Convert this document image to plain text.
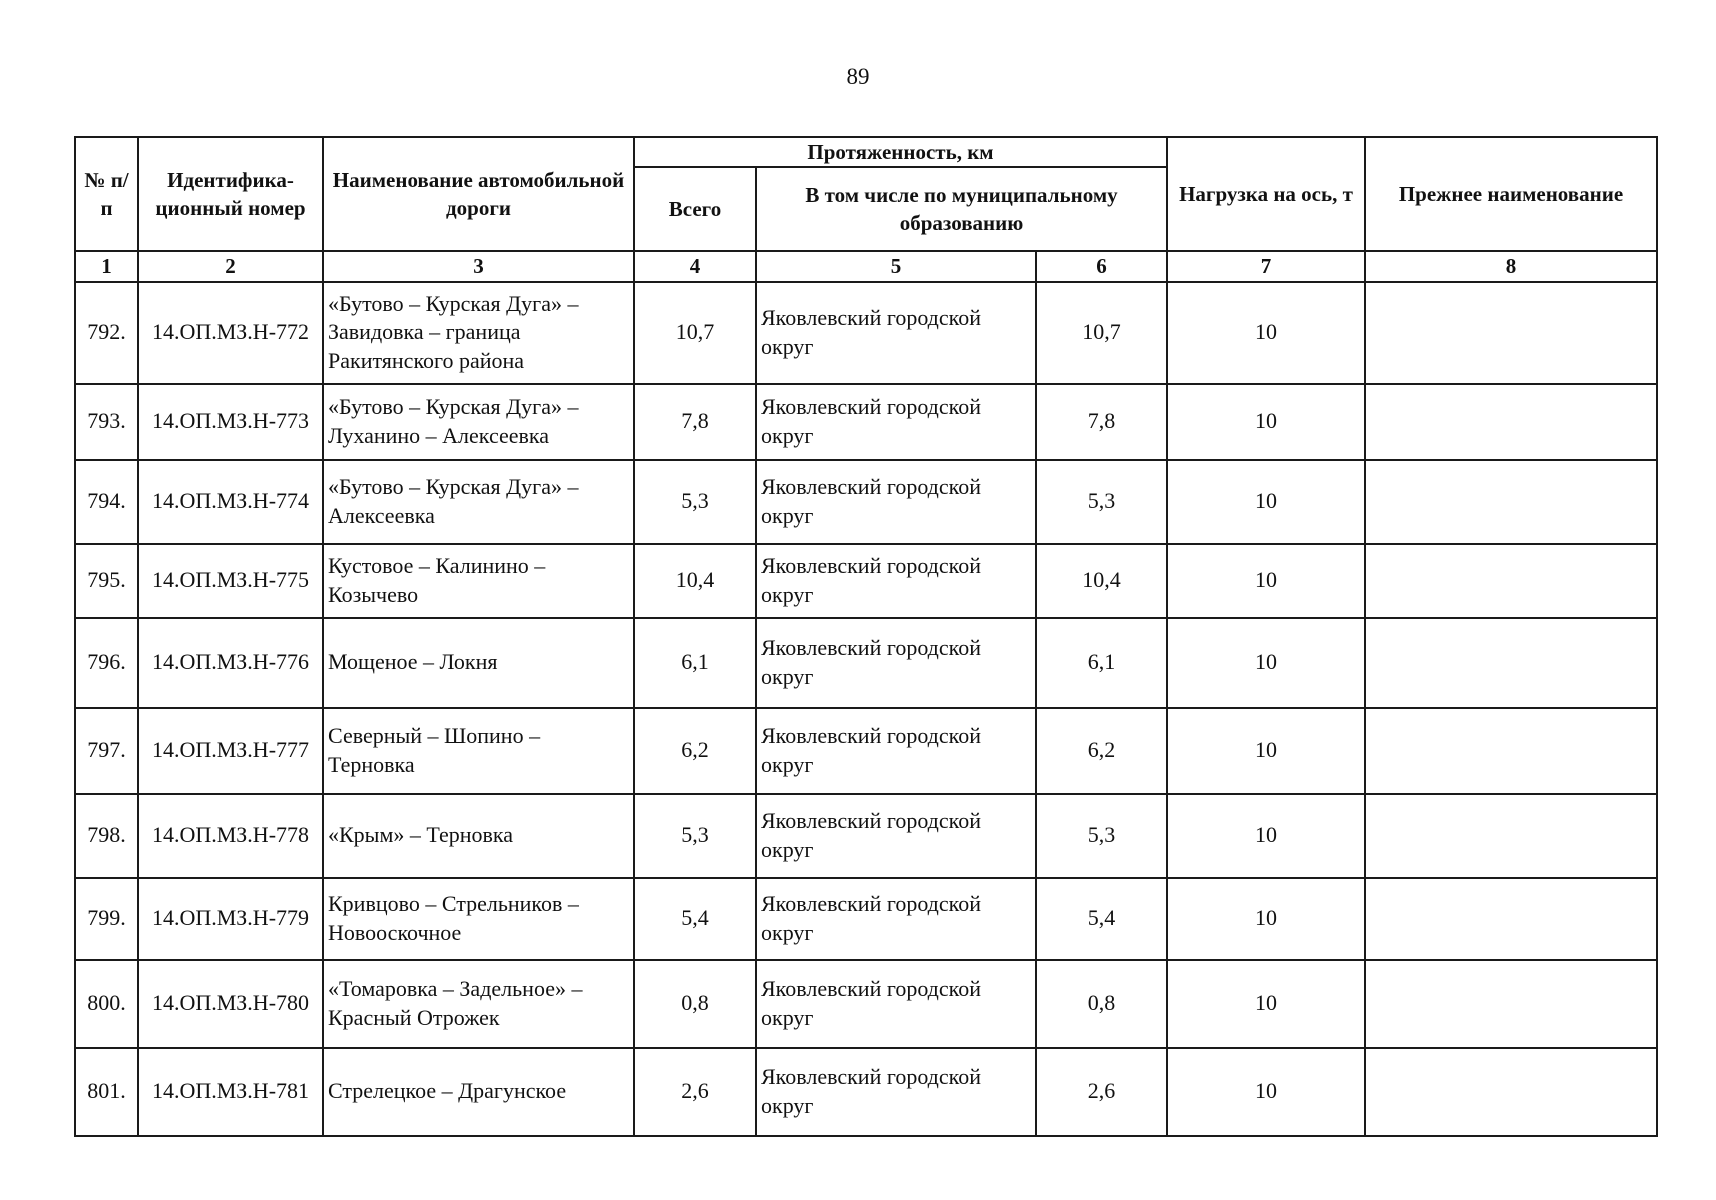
89
№ п/п	Идентифика-ционный номер	Наименование автомобильной дороги	Протяженность, км			Нагрузка на ось, т	Прежнее наименование
			Всего	В том числе по муниципальному образованию			
1	2	3	4	5	6	7	8
792.	14.ОП.МЗ.Н-772	«Бутово – Курская Дуга» – Завидовка – граница Ракитянского района	10,7	Яковлевский городской округ	10,7	10	
793.	14.ОП.МЗ.Н-773	«Бутово – Курская Дуга» – Луханино – Алексеевка	7,8	Яковлевский городской округ	7,8	10	
794.	14.ОП.МЗ.Н-774	«Бутово – Курская Дуга» – Алексеевка	5,3	Яковлевский городской округ	5,3	10	
795.	14.ОП.МЗ.Н-775	Кустовое – Калинино – Козычево	10,4	Яковлевский городской округ	10,4	10	
796.	14.ОП.МЗ.Н-776	Мощеное – Локня	6,1	Яковлевский городской округ	6,1	10	
797.	14.ОП.МЗ.Н-777	Северный – Шопино – Терновка	6,2	Яковлевский городской округ	6,2	10	
798.	14.ОП.МЗ.Н-778	«Крым» – Терновка	5,3	Яковлевский городской округ	5,3	10	
799.	14.ОП.МЗ.Н-779	Кривцово – Стрельников – Новооскочное	5,4	Яковлевский городской округ	5,4	10	
800.	14.ОП.МЗ.Н-780	«Томаровка – Задельное» – Красный Отрожек	0,8	Яковлевский городской округ	0,8	10	
801.	14.ОП.МЗ.Н-781	Стрелецкое – Драгунское	2,6	Яковлевский городской округ	2,6	10	
